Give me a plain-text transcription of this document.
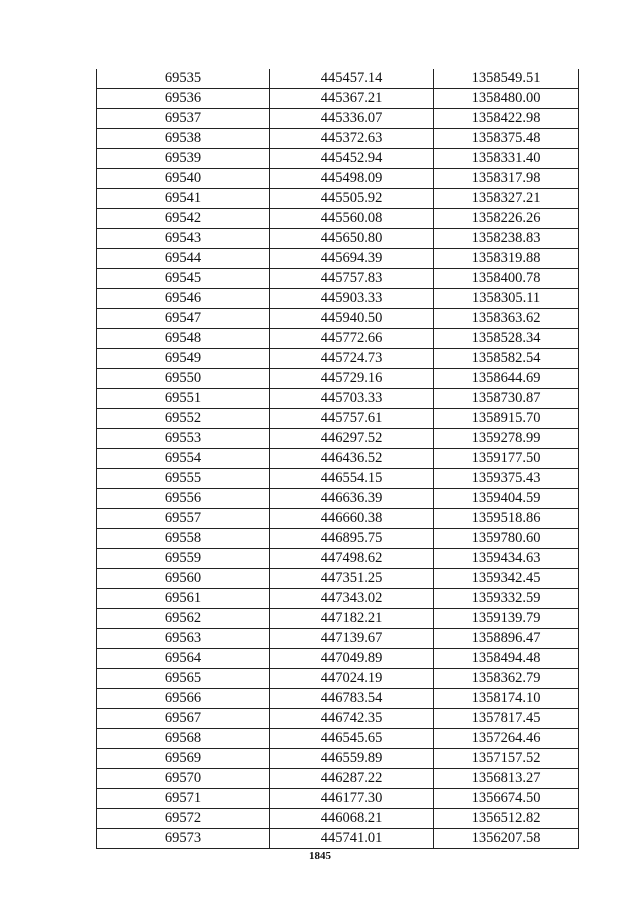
69535	445457.14	1358549.51
69536	445367.21	1358480.00
69537	445336.07	1358422.98
69538	445372.63	1358375.48
69539	445452.94	1358331.40
69540	445498.09	1358317.98
69541	445505.92	1358327.21
69542	445560.08	1358226.26
69543	445650.80	1358238.83
69544	445694.39	1358319.88
69545	445757.83	1358400.78
69546	445903.33	1358305.11
69547	445940.50	1358363.62
69548	445772.66	1358528.34
69549	445724.73	1358582.54
69550	445729.16	1358644.69
69551	445703.33	1358730.87
69552	445757.61	1358915.70
69553	446297.52	1359278.99
69554	446436.52	1359177.50
69555	446554.15	1359375.43
69556	446636.39	1359404.59
69557	446660.38	1359518.86
69558	446895.75	1359780.60
69559	447498.62	1359434.63
69560	447351.25	1359342.45
69561	447343.02	1359332.59
69562	447182.21	1359139.79
69563	447139.67	1358896.47
69564	447049.89	1358494.48
69565	447024.19	1358362.79
69566	446783.54	1358174.10
69567	446742.35	1357817.45
69568	446545.65	1357264.46
69569	446559.89	1357157.52
69570	446287.22	1356813.27
69571	446177.30	1356674.50
69572	446068.21	1356512.82
69573	445741.01	1356207.58
1845
